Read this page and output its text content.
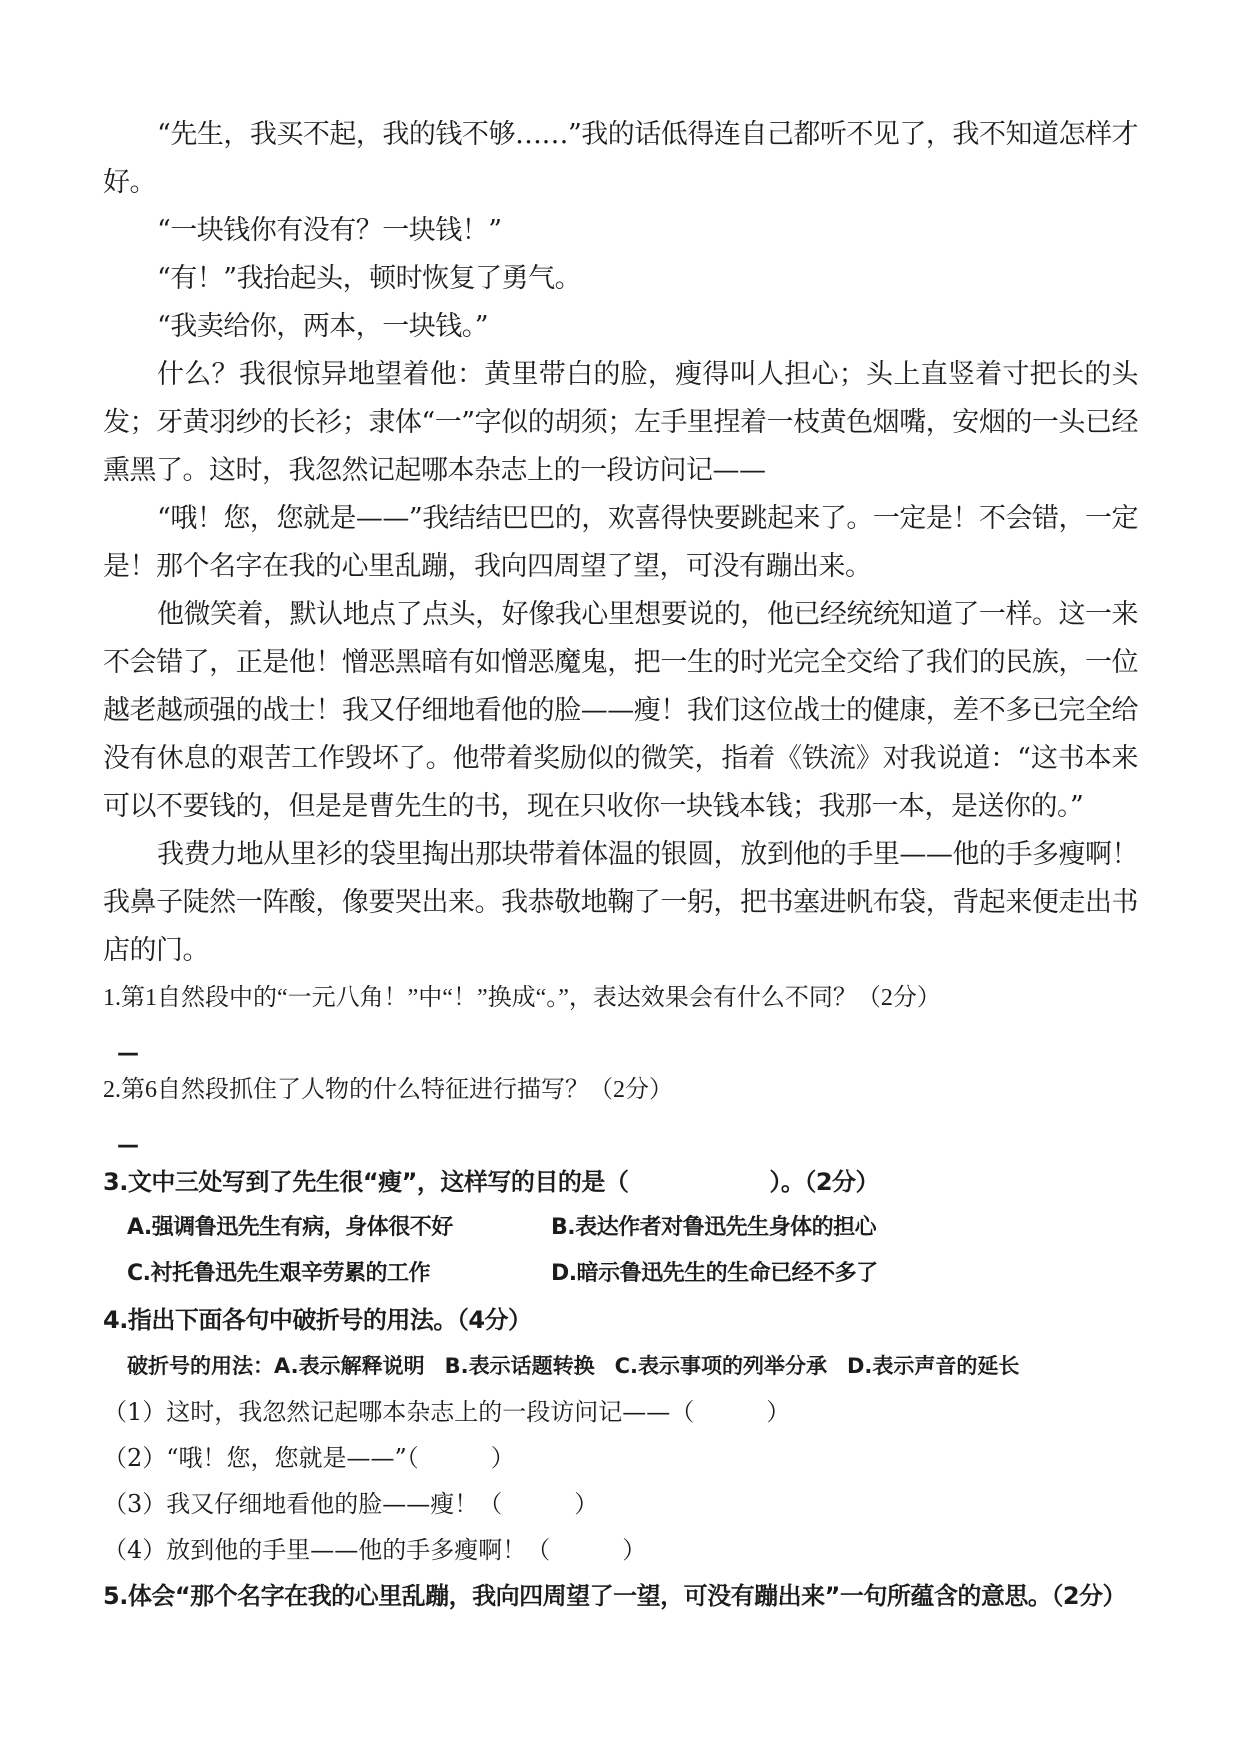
“先生，我买不起，我的钱不够……”我的话低得连自己都听不见了，我不知道怎样才好。

“一块钱你有没有？一块钱！”

“有！”我抬起头，顿时恢复了勇气。

“我卖给你，两本，一块钱。”

什么？我很惊异地望着他：黄里带白的脸，瘦得叫人担心；头上直竖着寸把长的头发；牙黄羽纱的长衫；隶体“一”字似的胡须；左手里捏着一枝黄色烟嘴，安烟的一头已经熏黑了。这时，我忽然记起哪本杂志上的一段访问记——

“哦！您，您就是——”我结结巴巴的，欢喜得快要跳起来了。一定是！不会错，一定是！那个名字在我的心里乱蹦，我向四周望了望，可没有蹦出来。

他微笑着，默认地点了点头，好像我心里想要说的，他已经统统知道了一样。这一来不会错了，正是他！憎恶黑暗有如憎恶魔鬼，把一生的时光完全交给了我们的民族，一位越老越顽强的战士！我又仔细地看他的脸——瘦！我们这位战士的健康，差不多已完全给没有休息的艰苦工作毁坏了。他带着奖励似的微笑，指着《铁流》对我说道：“这书本来可以不要钱的，但是是曹先生的书，现在只收你一块钱本钱；我那一本，是送你的。”

我费力地从里衫的袋里掏出那块带着体温的银圆，放到他的手里——他的手多瘦啊！我鼻子陡然一阵酸，像要哭出来。我恭敬地鞠了一躬，把书塞进帆布袋，背起来便走出书店的门。

1.第1自然段中的“一元八角！”中“！”换成“。”，表达效果会有什么不同？（2分）

—

2.第6自然段抓住了人物的什么特征进行描写？（2分）

—

3.文中三处写到了先生很“瘦”，这样写的目的是（　　　　　　）。（2分）

A.强调鲁迅先生有病，身体很不好	B.表达作者对鲁迅先生身体的担心
C.衬托鲁迅先生艰辛劳累的工作	D.暗示鲁迅先生的生命已经不多了

4.指出下面各句中破折号的用法。（4分）

破折号的用法：A.表示解释说明 B.表示话题转换 C.表示事项的列举分承 D.表示声音的延长

（1）这时，我忽然记起哪本杂志上的一段访问记——（　　　）

（2）“哦！您，您就是——”（　　　）

（3）我又仔细地看他的脸——瘦！（　　　）

（4）放到他的手里——他的手多瘦啊！（　　　）

5.体会“那个名字在我的心里乱蹦，我向四周望了一望，可没有蹦出来”一句所蕴含的意思。（2分）
